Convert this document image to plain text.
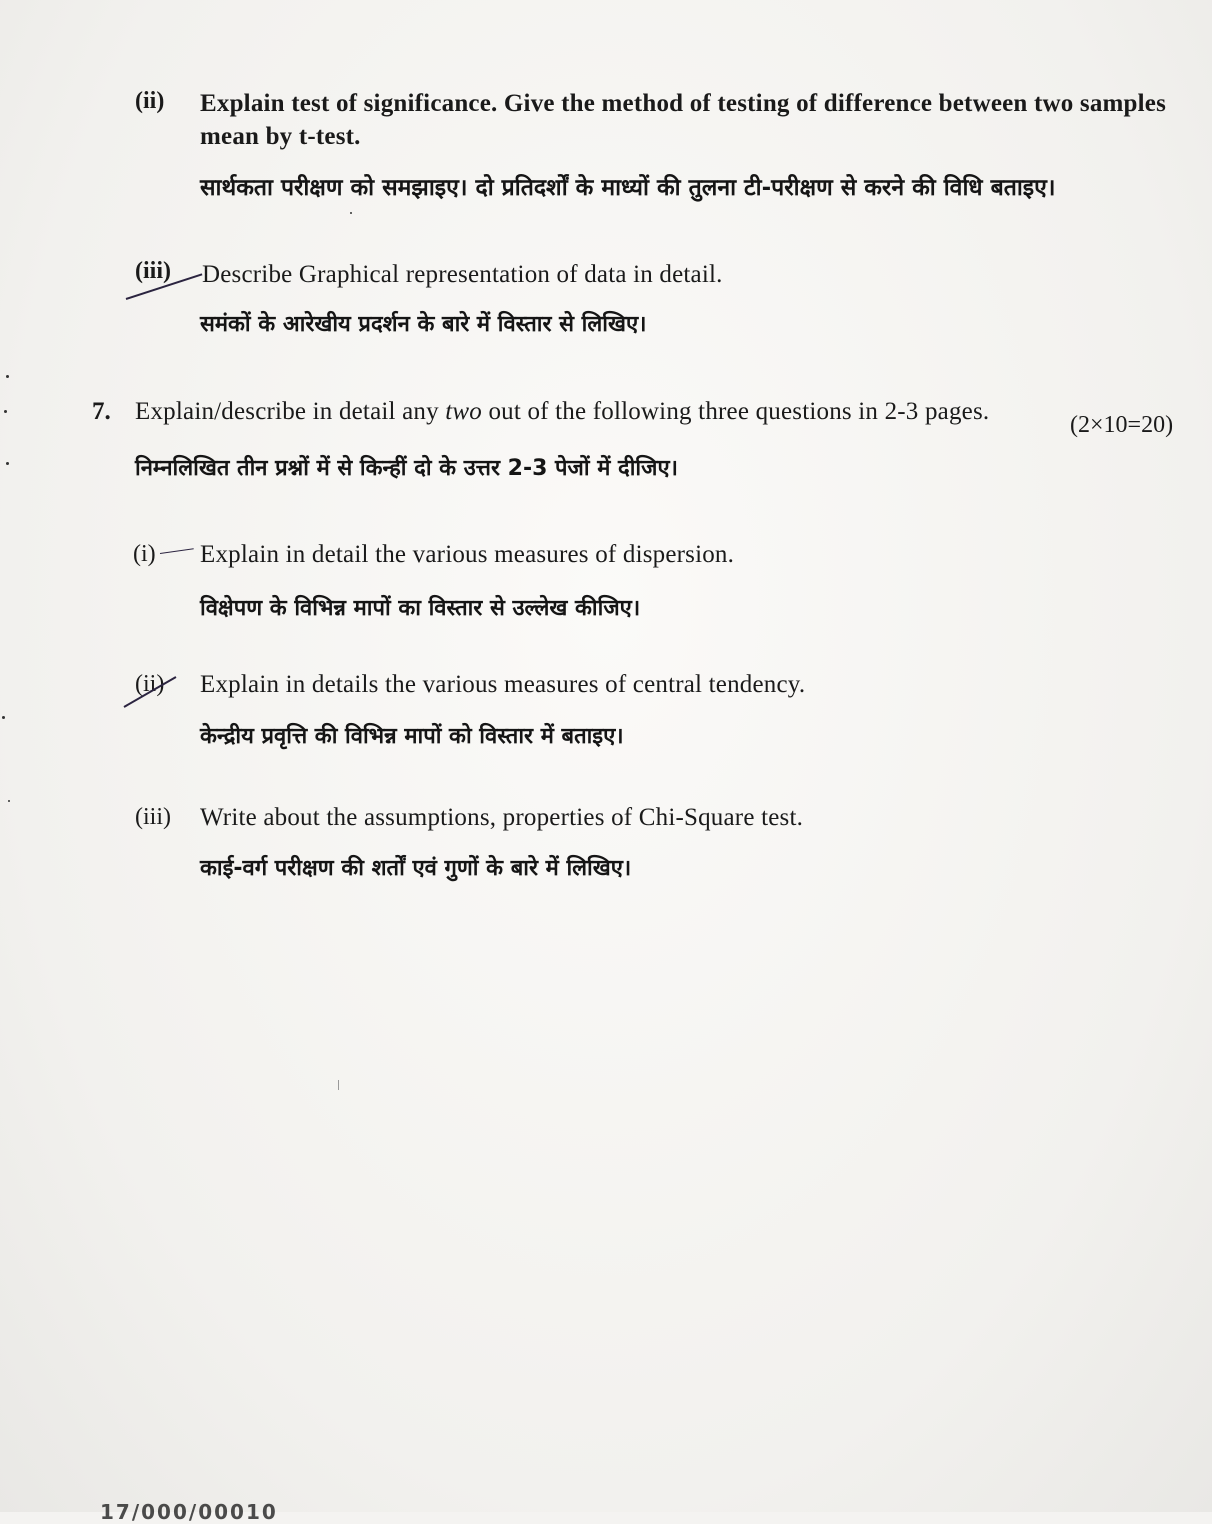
(ii) Explain test of significance. Give the method of testing of difference between two samples
mean by t-test.
सार्थकता परीक्षण को समझाइए। दो प्रतिदर्शों के माध्यों की तुलना टी-परीक्षण से करने की विधि बताइए।
(iii) Describe Graphical representation of data in detail.
समंकों के आरेखीय प्रदर्शन के बारे में विस्तार से लिखिए।
7. Explain/describe in detail any two out of the following three questions in 2-3 pages.	(2×10=20)
निम्नलिखित तीन प्रश्नों में से किन्हीं दो के उत्तर 2-3 पेजों में दीजिए।
(i) Explain in detail the various measures of dispersion.
विक्षेपण के विभिन्न मापों का विस्तार से उल्लेख कीजिए।
(ii) Explain in details the various measures of central tendency.
केन्द्रीय प्रवृत्ति की विभिन्न मापों को विस्तार में बताइए।
(iii) Write about the assumptions, properties of Chi-Square test.
काई-वर्ग परीक्षण की शर्तों एवं गुणों के बारे में लिखिए।
17/000/00010
